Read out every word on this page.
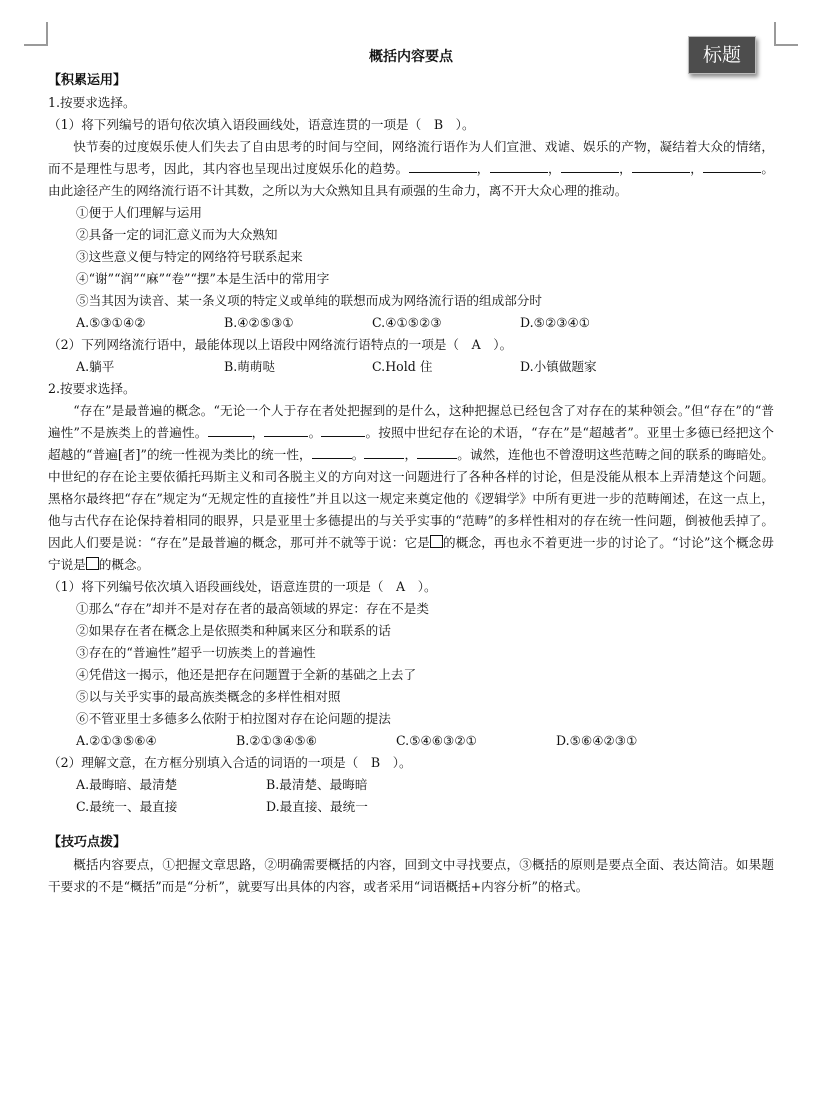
标题
概括内容要点
【积累运用】
1.按要求选择。
（1）将下列编号的语句依次填入语段画线处，语意连贯的一项是（　B　）。

快节奏的过度娱乐使人们失去了自由思考的时间与空间，网络流行语作为人们宣泄、戏谑、娱乐的产物，凝结着大众的情绪，而不是理性与思考，因此，其内容也呈现出过度娱乐化的趋势。	，	，	，	，	。由此途径产生的网络流行语不计其数，之所以为大众熟知且具有顽强的生命力，离不开大众心理的推动。

①便于人们理解与运用
②具备一定的词汇意义而为大众熟知
③这些意义便与特定的网络符号联系起来
④“谢”“润”“麻”“卷”“摆”本是生活中的常用字
⑤当其因为读音、某一条义项的特定义或单纯的联想而成为网络流行语的组成部分时
A.⑤③①④②	B.④②⑤③①	C.④①⑤②③	D.⑤②③④①
（2）下列网络流行语中，最能体现以上语段中网络流行语特点的一项是（　A　）。
A.躺平	B.萌萌哒	C.Hold 住	D.小镇做题家
2.按要求选择。

“存在”是最普遍的概念。“无论一个人于存在者处把握到的是什么，这种把握总已经包含了对存在的某种领会。”但“存在”的“普遍性”不是族类上的普遍性。	，	。	。按照中世纪存在论的术语，“存在”是“超越者”。亚里士多德已经把这个超越的“普遍[者]”的统一性视为类比的统一性，	。	，	。诚然，连他也不曾澄明这些范畴之间的联系的晦暗处。中世纪的存在论主要依循托玛斯主义和司各脱主义的方向对这一问题进行了各种各样的讨论，但是没能从根本上弄清楚这个问题。黑格尔最终把“存在”规定为“无规定性的直接性”并且以这一规定来奠定他的《逻辑学》中所有更进一步的范畴阐述，在这一点上，他与古代存在论保持着相同的眼界，只是亚里士多德提出的与关乎实事的“范畴”的多样性相对的存在统一性问题，倒被他丢掉了。因此人们要是说：“存在”是最普遍的概念，那可并不就等于说：它是 的概念，再也永不着更进一步的讨论了。“讨论”这个概念毋宁说是 的概念。

（1）将下列编号依次填入语段画线处，语意连贯的一项是（　A　）。
①那么“存在”却并不是对存在者的最高领域的界定：存在不是类
②如果存在者在概念上是依照类和种属来区分和联系的话
③存在的“普遍性”超乎一切族类上的普遍性
④凭借这一揭示，他还是把存在问题置于全新的基础之上去了
⑤以与关乎实事的最高族类概念的多样性相对照
⑥不管亚里士多德多么依附于柏拉图对存在论问题的提法
A.②①③⑤⑥④	B.②①③④⑤⑥	C.⑤④⑥③②①	D.⑤⑥④②③①
（2）理解文意，在方框分别填入合适的词语的一项是（　B　）。
A.最晦暗、最清楚	B.最清楚、最晦暗
C.最统一、最直接	D.最直接、最统一
【技巧点拨】

概括内容要点，①把握文章思路，②明确需要概括的内容，回到文中寻找要点，③概括的原则是要点全面、表达简洁。如果题干要求的不是“概括”而是“分析”，就要写出具体的内容，或者采用“词语概括+内容分析”的格式。
